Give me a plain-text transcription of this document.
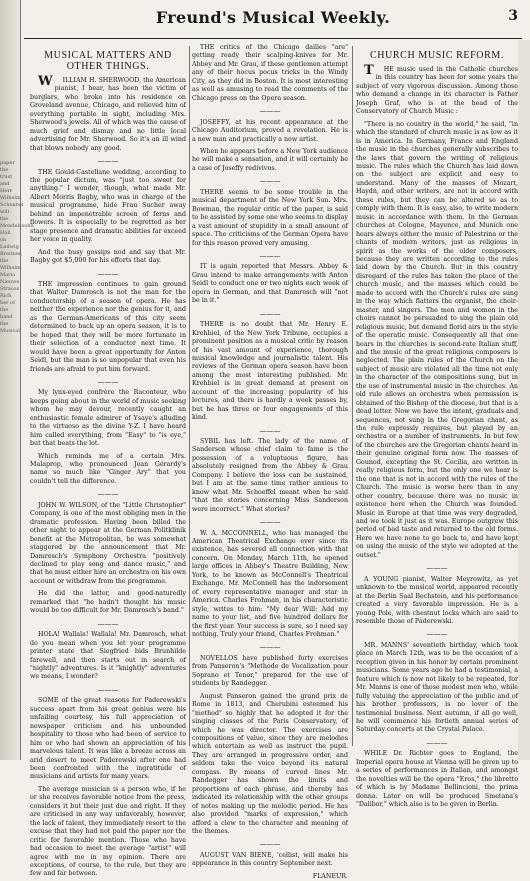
paper the trust and Herr Wilhelm Schnabel will the Mendelssohn Hall on Ludwig Breitner, the Wilhelm Maria Nieuwe Strauss Rich her of the band the Musical
Freund's Musical Weekly.	3
MUSICAL MATTERS AND OTHER THINGS.

WILLIAM H. SHERWOOD, the American pianist, I hear, has been the victim of burglars, who broke into his residence on Groveland avenue, Chicago, and relieved him of everything portable in sight, including Mrs. Sherwood's jewels. All of which was the cause of much grief and dismay and no little local advertising for Mr. Sherwood. So it's an ill wind that blows nobody any good.

———

THE Gould-Castellane wedding, according to the popular dictum, was "just too sweet for anything." I wonder, though, what made Mr. Albert Morris Bagby, who was in charge of the musical programme, hide Frau Sucher away behind an impenetrable screen of ferns and flowers. It is especially to be regretted as her stage presence and dramatic abilities far exceed her voice in quality.

And the busy gossips nod and say that Mr. Bagby got $5,000 for his efforts that day.

———

THE impression continues to gain ground that Walter Damrosch is not the man for the conductorship of a season of opera. He has neither the experience nor the genius for it, and as the German-Americans of this city seem determined to back up an opera season, it is to be hoped that they will be more fortunate in their selection of a conductor next time. It would have been a great opportunity for Anton Seidl, but the man is so unpopular that even his friends are afraid to put him forward.

———

My lynx-eyed confrère the Raconteur, who keeps going about in the world of music seeking whom he may devour, recently caught an enthusiastic female admirer of Ysaye's alluding to the virtuoso as the divine Y-Z. I have heard him called everything, from "Easy" to "is eye," but that beats the lot.

Which reminds me of a certain Mrs. Malaprop, who pronounced Jean Gérardy's name so much like "Ginger Ary" that you couldn't tell the difference.

———

JOHN W. WILSON, of the "Little Christopher" Company, is one of the most obliging men in the dramatic profession. Having been billed the other night to appear at the German Politklinik benefit at the Metropolitan, he was somewhat staggered by the announcement that Mr. Damrosch's Symphony Orchestra "positively declined to play song and dance music," and that he must either hire an orchestra on his own account or withdraw from the programme.

He did the latter, and good-naturedly remarked that "he hadn't thought his music would be too difficult for Mr. Damrosch's band."

———

HOLA! Wallala! Wallala! Mr. Damrosch, what do you mean when you let your programme printer state that Siegfried bids Brunhilde farewell, and then starts out in search of "nightly" adventures. Is it "knightly" adventures we means, I wonder?

———

SOME of the great reasons for Paderewski's success apart from his great genius were his unfailing courtesy, his full appreciation of newspaper criticism and his unbounded hospitality to those who had been of service to him or who had shown an appreciation of his marvelous talent. It was like a breeze across an arid desert to meet Paderewski after one had been confronted with the ingratitude of musicians and artists for many years.

The average musician is a person who, if he or she receives favorable notice from the press, considers it but their just due and right. If they are criticised in any way unfavorably, however, the lack of talent, they immediately resort to the excuse that they had not paid the paper nor the critic for favorable mention. Those who have had occasion to meet the average "artist" will agree with me in my opinion. There are exceptions, of course, to the rule, but they are few and far between.

THE critics of the Chicago dailies "are" getting ready their scalping-knives for Mr. Abbey and Mr. Grau, if these gentlemen attempt any of their hocus pocus tricks in the Windy City, as they did in Boston. It is most interesting as well as amusing to read the comments of the Chicago press on the Opera season.

———

JOSEFFY, at his recent appearance at the Chicago Auditorium, proved a revelation. He is a new man and practically a new artist.

When he appears before a New York audience he will make a sensation, and it will certainly be a case of Joseffy redivivus.

———

THERE seems to be some trouble in the musical department of the New York Sun. Mrs. Bowman, the regular critic of the paper, is said to be assisted by some one who seems to display a vast amount of stupidity in a small amount of space. The criticisms of the German Opera have for this reason proved very amusing.

———

IT is again reported that Messrs. Abbey & Grau intend to make arrangements with Anton Seidl to conduct one or two nights each week of opera in German, and that Damrosch will "not be in it."

———

THERE is no doubt that Mr. Henry E. Krehbiel, of the New York Tribune, occupies a prominent position as a musical critic by reason of his vast amount of experience, thorough musical knowledge and journalistic talent. His reviews of the German opera season have been among the most interesting published. Mr. Krehbiel is in great demand at present on account of the increasing popularity of his lectures, and there is hardly a week passes by, but he has three or four engagements of this kind.

———

SYBIL has left. The lady of the name of Sanderson whose chief claim to fame is the possession of a voluptuous figure, has absolutely resigned from the Abbey & Grau Company. I believe the loss can be sustained, but I am at the same time rather anxious to know what Mr. Schoeffel meant when he said "that the stories concerning Miss Sanderson were incorrect." What stories?

———

W. A. MCCONNELL, who has managed the American Theatrical Exchange ever since its existence, has severed all connection with that concern. On Monday, March 11th, he opened large offices in Abbey's Theatre Building, New York, to be known as McConnell's Theatrical Exchange. Mr. McConnell has the indorsement of every representative manager and star in America. Charles Frohman, in his characteristic style, writes to him: "My dear Will: Add my name to your list, and five hundred dollars for the first year. Your success is sure, so I need say nothing. Truly your friend, Charles Frohman."

———

NOVELLOS have published forty exercises from Panseron's "Methode de Vocalization pour Soprano et Tenor," prepared for the use of students by Randegger.

August Panseron gained the grand prix de Rome in 1813, and Cherubini esteemed his "method" so highly that he adopted it for the singing classes of the Paris Conservatory, of which he was director. The exercises are compositions of value, since they are melodies which entertain as well as instruct the pupil. They are arranged in progressive order, and seldom take the voice beyond its natural compass. By means of curved lines Mr. Randegger has shown the limits and proportions of each phrase, and thereby has indicated its relationship with the other groups of notes making up the melodic period. He has also provided "marks of expression," which afford a clew to the character and meaning of the themes.

———

AUGUST VAN BIENE, 'cellist, will make his appearance in this country September next.

FLANEUR.
CHURCH MUSIC REFORM.

THE music used in the Catholic churches in this country has been for some years the subject of very vigorous discussion. Among those who demand a change in its character is Father Joseph Graf, who is at the head of the Conservatory of Church Music :

"There is no country in the world," he said, "in which the standard of church music is as low as it is in America. In Germany, France and England the music in the churches generally subscribes to the laws that govern the writing of religious music. The rules which the Church has laid down on the subject are explicit and easy to understand. Many of the masses of Mozart, Haydn, and other writers, are not in accord with these rules, but they can be altered so as to comply with them. It is easy, also, to write modern music in accordance with them. In the German churches at Cologne, Mayence, and Munich one hears always either the music of Palestrina or the chants of modern writers, just as religious in spirit as the works of the older composers, because they are written according to the rules laid down by the Church. But in this country disregard of the rules has taken the place of the church music, and the masses which could be made to accord with the Church's rules are sung in the way which flatters the organist, the choir-master, and singers. The men and women in the choirs cannot be persuaded to sing the plain old religious music, but demand florid airs in the style of the operatic music. Consequently all that one hears in the churches is second-rate Italian stuff, and the music of the great religious composers is neglected. The plain rules of the Church on the subject of music are violated all the time not only in the character of the compositions sung, but in the use of instrumental music in the churches. An old rule allows an orchestra when permission is obtained of the Bishop of the diocese, but that is a dead letter. Now we have the intent, graduals and sequences, not sung in the Gregorian chant, as the rule expressly requires, but played by an orchestra or a number of instruments. In but few of the churches are the Gregorian chants heard in their genuine original form now. The masses of Gounod, excepting the St. Cecilia, are written in really religious form, but the only one we hear is the one that is not in accord with the rules of the Church. The music is worse here than in any other country, because there was no music in existence here when the Church was founded. Music in Europe at that time was very degraded, and we took it just as it was. Europe outgrew this period of bad taste and returned to the old forms. Here we have none to go back to, and have kept on using the music of the style we adopted at the outset."

———

A YOUNG pianist, Walter Meyrowitz, as yet unknown to the musical world, appeared recently at the Berlin Saal Bechstein, and his performance created a very favorable impression. He is a young Pole, with chestnut locks which are said to resemble those of Paderewski.

———

MR. MANNS' seventieth birthday, which took place on March 12th, was to be the occasion of a reception given in his honor by certain prominent musicians. Some years ago he had a testimonial, a feature which is now not likely to be repeated, for Mr. Manns is one of those modest men who, while fully valuing the appreciation of the public and of his brother professors, is no lover of the testimonial business. Next autumn, if all go well, he will commence his fortieth annual series of Saturday concerts at the Crystal Palace.

———

WHILE Dr. Richter goes to England, the Imperial opera house at Vienna will be given up to a series of performances in Italian, and amongst the novelties will be the opera "Eros," the libretto of which is by Madame Bellincioni, the prima donna. Later on will be produced Smetana's "Dalibor," which also is to be given in Berlin.
